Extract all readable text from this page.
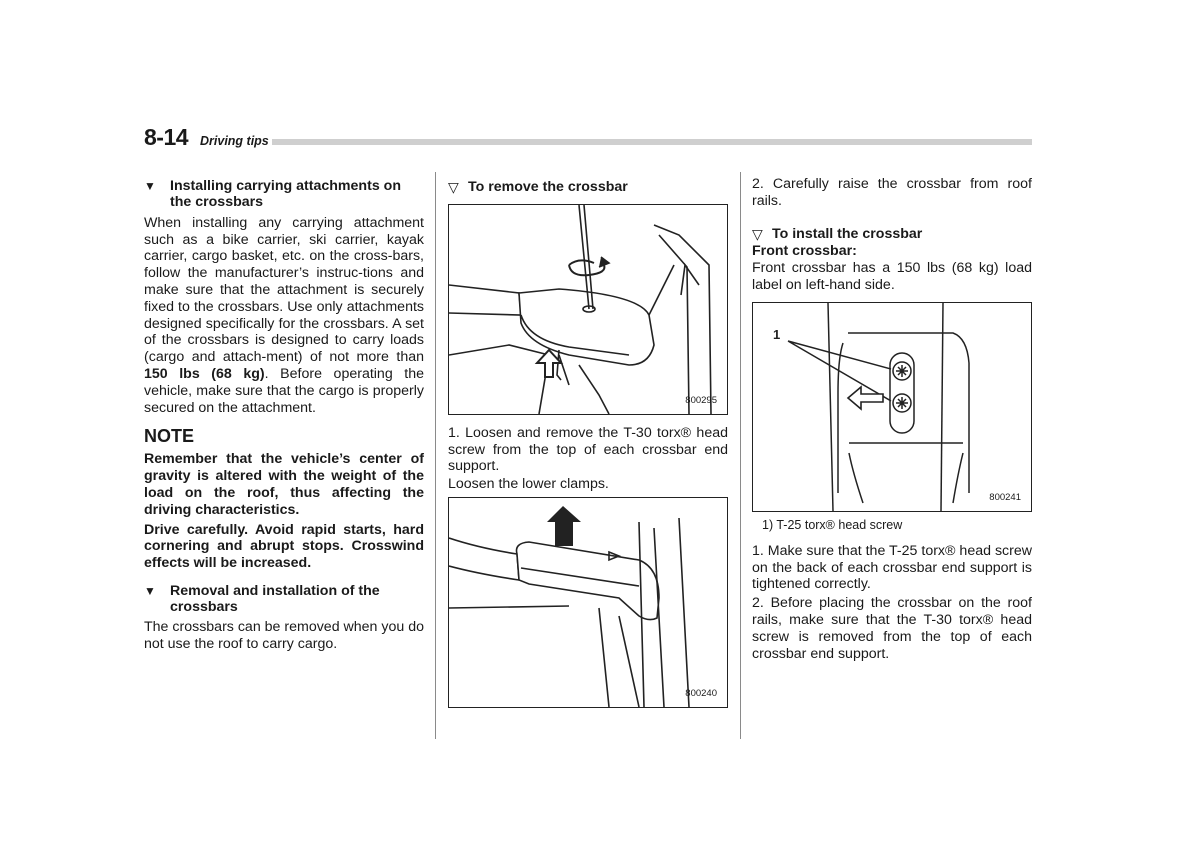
8-14 Driving tips
▼ Installing carrying attachments on
the crossbars

When installing any carrying attachment such as a bike carrier, ski carrier, kayak carrier, cargo basket, etc. on the cross-bars, follow the manufacturer’s instruc-tions and make sure that the attachment is securely fixed to the crossbars. Use only attachments designed specifically for the crossbars. A set of the crossbars is designed to carry loads (cargo and attach-ment) of not more than 150 lbs (68 kg). Before operating the vehicle, make sure that the cargo is properly secured on the attachment.

NOTE

Remember that the vehicle’s center of gravity is altered with the weight of the load on the roof, thus affecting the driving characteristics.

Drive carefully. Avoid rapid starts, hard cornering and abrupt stops. Crosswind effects will be increased.

▼ Removal and installation of the
crossbars

The crossbars can be removed when you do not use the roof to carry cargo.

▽ To remove the crossbar
800295

1. Loosen and remove the T-30 torx® head screw from the top of each crossbar end support.

Loosen the lower clamps.

800240

2. Carefully raise the crossbar from roof rails.

▽ To install the crossbar

Front crossbar:

Front crossbar has a 150 lbs (68 kg) load label on left-hand side.

1
800241
1) T-25 torx® head screw

1. Make sure that the T-25 torx® head screw on the back of each crossbar end support is tightened correctly.

2. Before placing the crossbar on the roof rails, make sure that the T-30 torx® head screw is removed from the top of each crossbar end support.
